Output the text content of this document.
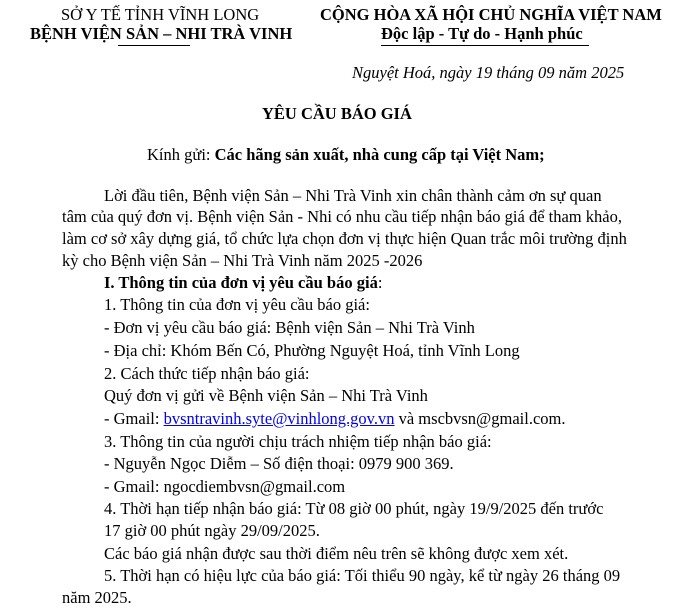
SỞ Y TẾ TỈNH VĨNH LONG
BỆNH VIỆN SẢN – NHI TRÀ VINH
CỘNG HÒA XÃ HỘI CHỦ NGHĨA VIỆT NAM
Độc lập - Tự do - Hạnh phúc
Nguyệt Hoá, ngày 19 tháng 09 năm 2025
YÊU CẦU BÁO GIÁ
Kính gửi: Các hãng sản xuất, nhà cung cấp tại Việt Nam;
Lời đầu tiên, Bệnh viện Sản – Nhi Trà Vinh xin chân thành cảm ơn sự quan
tâm của quý đơn vị. Bệnh viện Sản - Nhi có nhu cầu tiếp nhận báo giá để tham khảo,
làm cơ sở xây dựng giá, tổ chức lựa chọn đơn vị thực hiện Quan trắc môi trường định
kỳ cho Bệnh viện Sản – Nhi Trà Vinh năm 2025 -2026
I. Thông tin của đơn vị yêu cầu báo giá:
1. Thông tin của đơn vị yêu cầu báo giá:
- Đơn vị yêu cầu báo giá: Bệnh viện Sản – Nhi Trà Vinh
- Địa chỉ: Khóm Bến Có, Phường Nguyệt Hoá, tỉnh Vĩnh Long
2. Cách thức tiếp nhận báo giá:
Quý đơn vị gửi về Bệnh viện Sản – Nhi Trà Vinh
- Gmail: bvsntravinh.syte@vinhlong.gov.vn và mscbvsn@gmail.com.
3. Thông tin của người chịu trách nhiệm tiếp nhận báo giá:
- Nguyễn Ngọc Diễm – Số điện thoại: 0979 900 369.
- Gmail: ngocdiembvsn@gmail.com
4. Thời hạn tiếp nhận báo giá: Từ 08 giờ 00 phút, ngày 19/9/2025 đến trước
17 giờ 00 phút ngày 29/09/2025.
Các báo giá nhận được sau thời điểm nêu trên sẽ không được xem xét.
5. Thời hạn có hiệu lực của báo giá: Tối thiểu 90 ngày, kể từ ngày 26 tháng 09
năm 2025.
